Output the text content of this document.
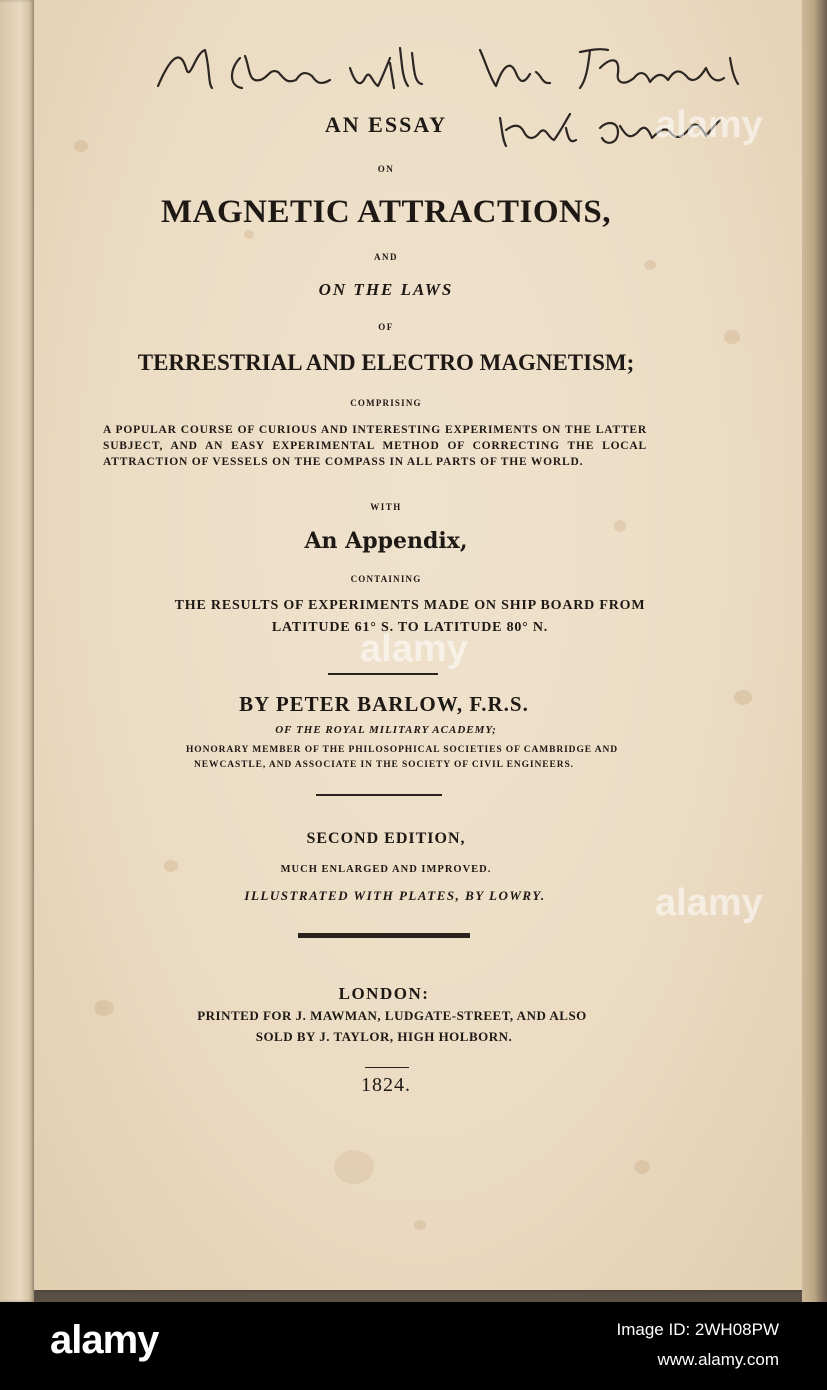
AN ESSAY

ON

MAGNETIC ATTRACTIONS,

AND

ON THE LAWS

OF

TERRESTRIAL AND ELECTRO MAGNETISM;

COMPRISING

A POPULAR COURSE OF CURIOUS AND INTERESTING EXPERIMENTS ON THE LATTER SUBJECT, AND AN EASY EXPERIMENTAL METHOD OF CORRECTING THE LOCAL ATTRACTION OF VESSELS ON THE COMPASS IN ALL PARTS OF THE WORLD.

WITH

An Appendix,

CONTAINING

THE RESULTS OF EXPERIMENTS MADE ON SHIP BOARD FROM

LATITUDE 61° S. TO LATITUDE 80° N.

BY PETER BARLOW, F.R.S.

OF THE ROYAL MILITARY ACADEMY;

HONORARY MEMBER OF THE PHILOSOPHICAL SOCIETIES OF CAMBRIDGE AND

NEWCASTLE, AND ASSOCIATE IN THE SOCIETY OF CIVIL ENGINEERS.

SECOND EDITION,

MUCH ENLARGED AND IMPROVED.

ILLUSTRATED WITH PLATES, BY LOWRY.

LONDON:

PRINTED FOR J. MAWMAN, LUDGATE-STREET, AND ALSO

SOLD BY J. TAYLOR, HIGH HOLBORN.

1824.

alamy
alamy
alamy
alamy	Image ID: 2WH08PW
www.alamy.com
